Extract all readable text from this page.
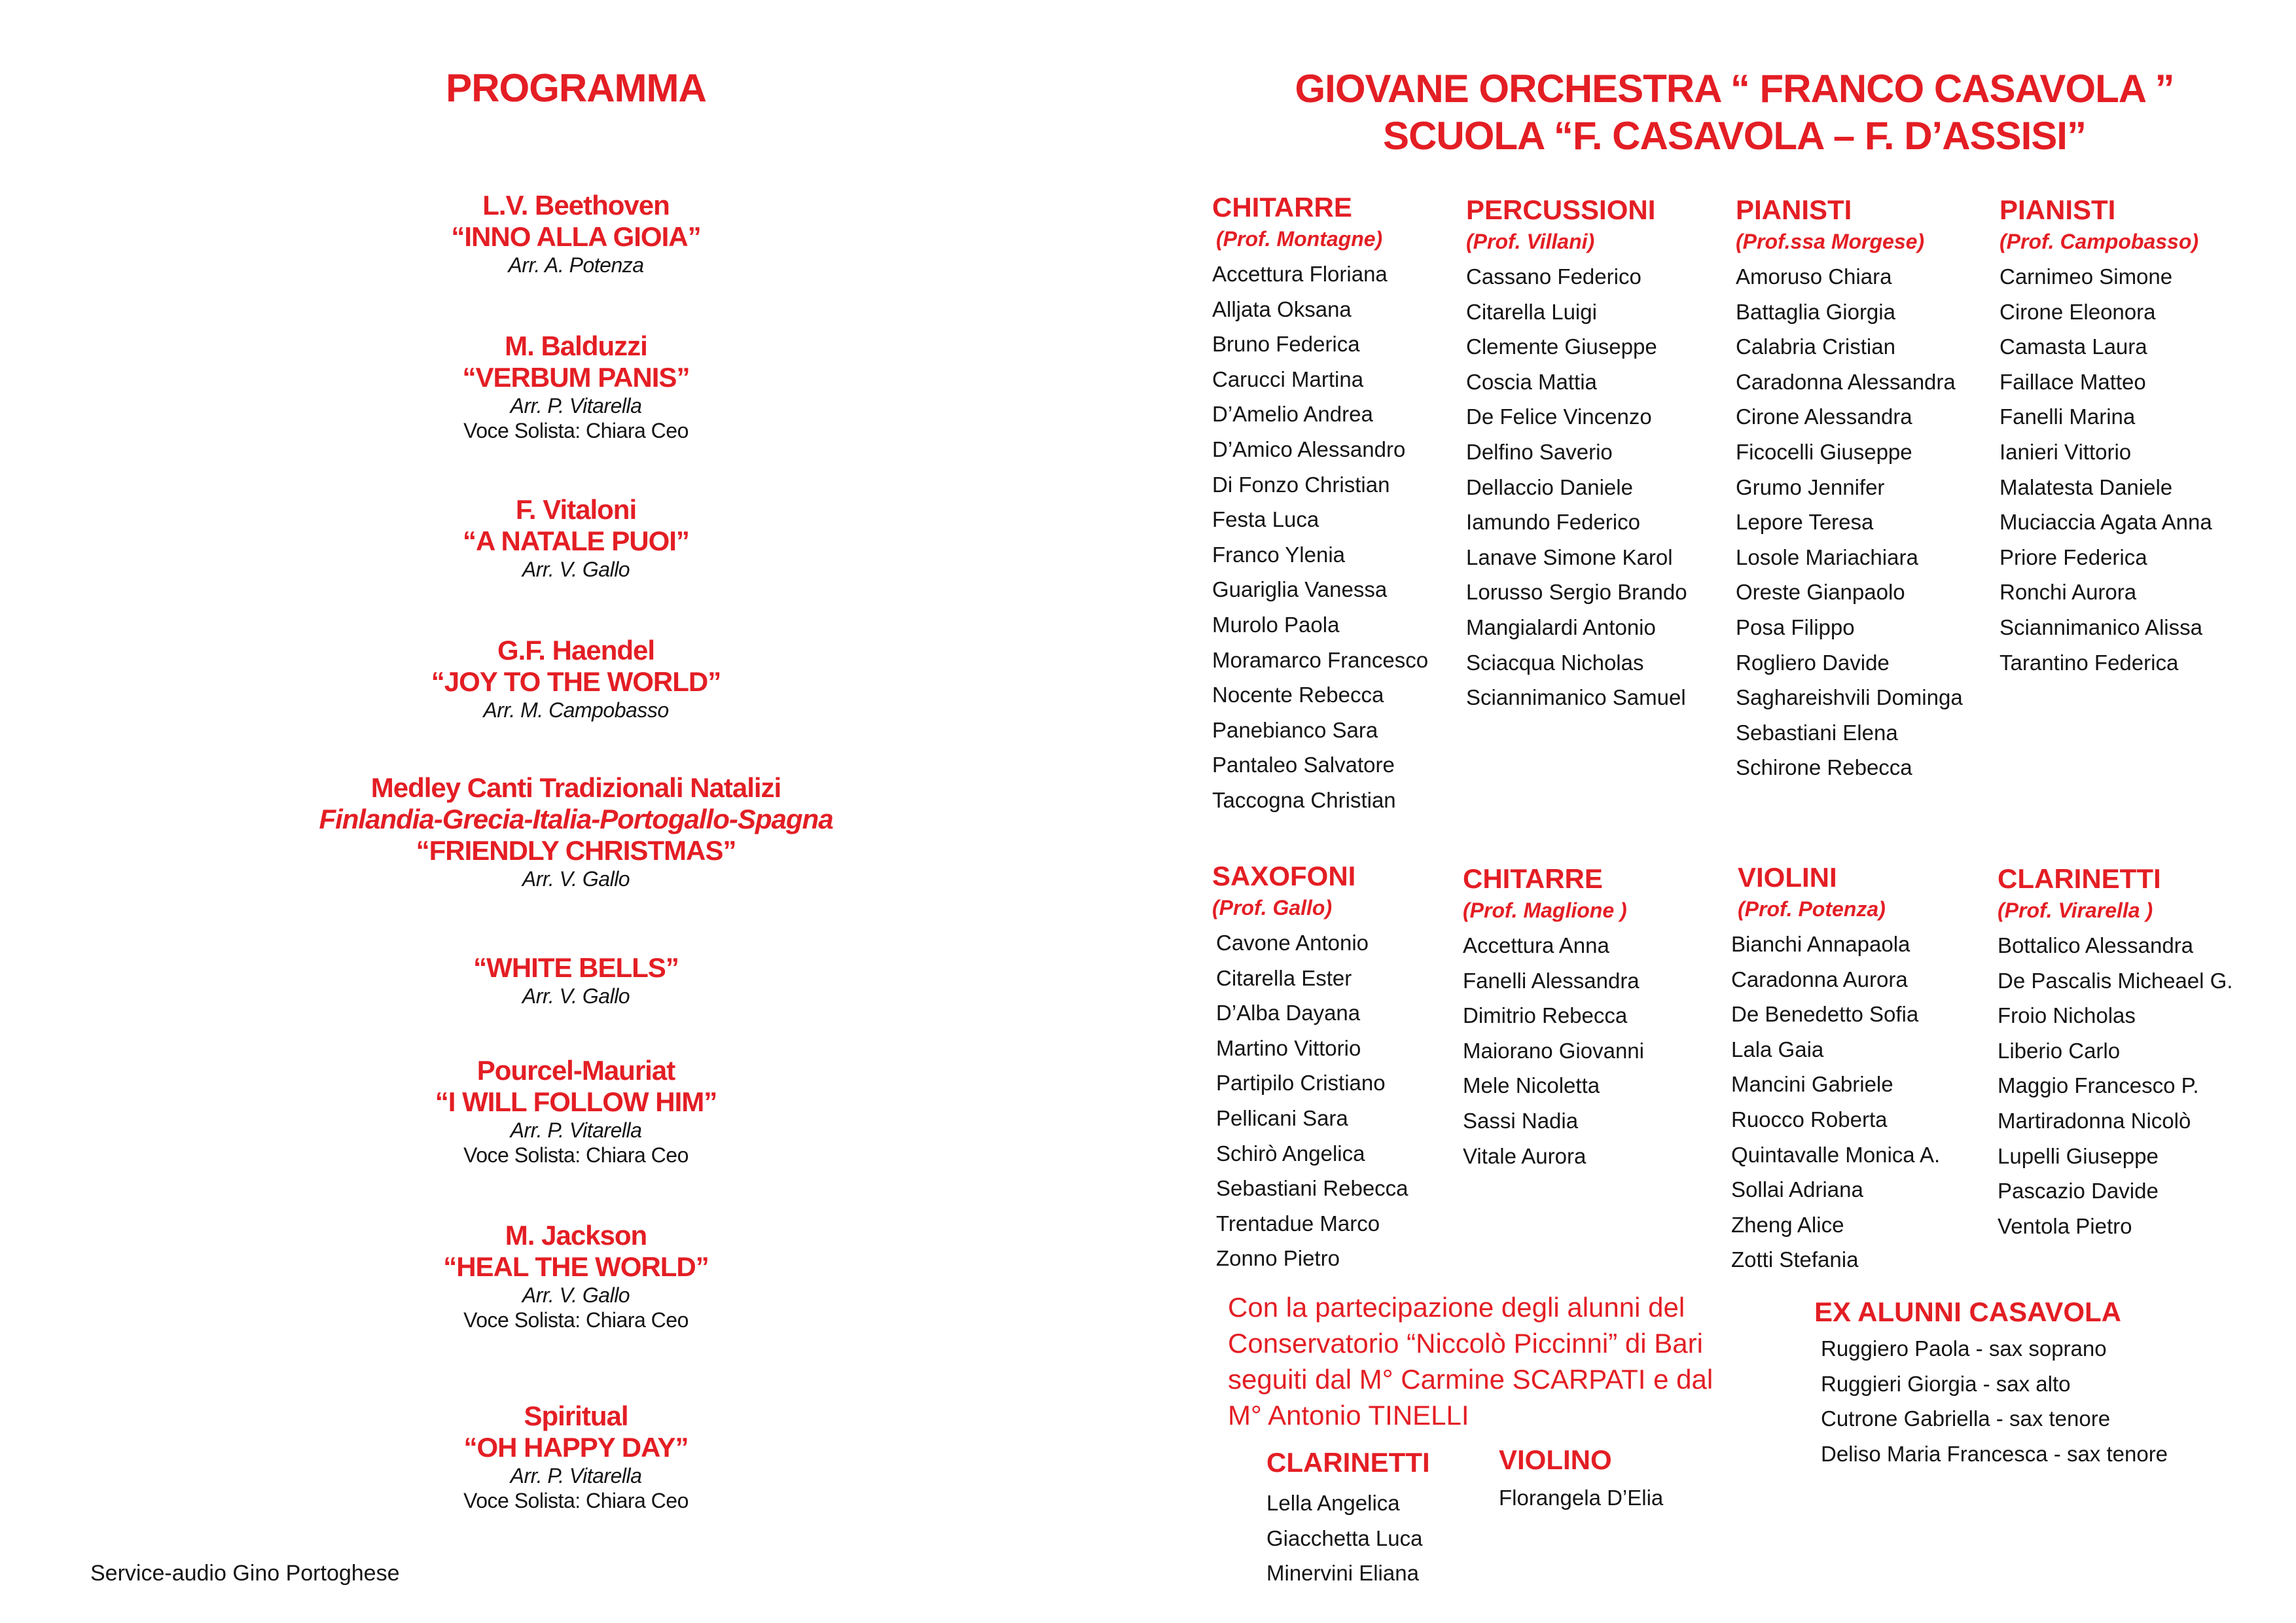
PROGRAMMA
L.V. Beethoven
“INNO ALLA GIOIA”
Arr. A. Potenza
M. Balduzzi
“VERBUM PANIS”
Arr. P. Vitarella
Voce Solista: Chiara Ceo
F. Vitaloni
“A NATALE PUOI”
Arr. V. Gallo
G.F. Haendel
“JOY TO THE WORLD”
Arr. M. Campobasso
Medley Canti Tradizionali Natalizi
Finlandia-Grecia-Italia-Portogallo-Spagna
“FRIENDLY CHRISTMAS”
Arr. V. Gallo
“WHITE BELLS”
Arr. V. Gallo
Pourcel-Mauriat
“I WILL FOLLOW HIM”
Arr. P. Vitarella
Voce Solista: Chiara Ceo
M. Jackson
“HEAL THE WORLD”
Arr. V. Gallo
Voce Solista: Chiara Ceo
Spiritual
“OH HAPPY DAY”
Arr. P. Vitarella
Voce Solista: Chiara Ceo
Service-audio Gino Portoghese
GIOVANE ORCHESTRA “ FRANCO CASAVOLA ”
SCUOLA “F. CASAVOLA – F. D’ASSISI”
CHITARRE
(Prof. Montagne)
Accettura Floriana
Alljata Oksana
Bruno Federica
Carucci Martina
D’Amelio Andrea
D’Amico Alessandro
Di Fonzo Christian
Festa Luca
Franco Ylenia
Guariglia Vanessa
Murolo Paola
Moramarco Francesco
Nocente Rebecca
Panebianco Sara
Pantaleo Salvatore
Taccogna Christian
PERCUSSIONI
(Prof. Villani)
Cassano Federico
Citarella Luigi
Clemente Giuseppe
Coscia Mattia
De Felice Vincenzo
Delfino Saverio
Dellaccio Daniele
Iamundo Federico
Lanave Simone Karol
Lorusso Sergio Brando
Mangialardi Antonio
Sciacqua Nicholas
Sciannimanico Samuel
PIANISTI
(Prof.ssa Morgese)
Amoruso Chiara
Battaglia Giorgia
Calabria Cristian
Caradonna Alessandra
Cirone Alessandra
Ficocelli Giuseppe
Grumo Jennifer
Lepore Teresa
Losole Mariachiara
Oreste Gianpaolo
Posa Filippo
Rogliero Davide
Saghareishvili Dominga
Sebastiani Elena
Schirone Rebecca
PIANISTI
(Prof. Campobasso)
Carnimeo Simone
Cirone Eleonora
Camasta Laura
Faillace Matteo
Fanelli Marina
Ianieri Vittorio
Malatesta Daniele
Muciaccia Agata Anna
Priore Federica
Ronchi Aurora
Sciannimanico Alissa
Tarantino Federica
SAXOFONI
(Prof. Gallo)
Cavone Antonio
Citarella Ester
D’Alba Dayana
Martino Vittorio
Partipilo Cristiano
Pellicani Sara
Schirò Angelica
Sebastiani Rebecca
Trentadue Marco
Zonno Pietro
CHITARRE
(Prof. Maglione )
Accettura Anna
Fanelli Alessandra
Dimitrio Rebecca
Maiorano Giovanni
Mele Nicoletta
Sassi Nadia
Vitale Aurora
VIOLINI
(Prof. Potenza)
Bianchi Annapaola
Caradonna Aurora
De Benedetto Sofia
Lala Gaia
Mancini Gabriele
Ruocco Roberta
Quintavalle Monica A.
Sollai Adriana
Zheng Alice
Zotti Stefania
CLARINETTI
(Prof. Virarella )
Bottalico Alessandra
De Pascalis Micheael G.
Froio Nicholas
Liberio Carlo
Maggio Francesco P.
Martiradonna Nicolò
Lupelli Giuseppe
Pascazio Davide
Ventola Pietro
Con la partecipazione degli alunni del
Conservatorio “Niccolò Piccinni” di Bari
seguiti dal M° Carmine SCARPATI e dal
M° Antonio TINELLI
CLARINETTI
Lella Angelica
Giacchetta Luca
Minervini Eliana
VIOLINO
Florangela D’Elia
EX ALUNNI CASAVOLA
Ruggiero Paola - sax soprano
Ruggieri Giorgia - sax alto
Cutrone Gabriella - sax tenore
Deliso Maria Francesca - sax tenore
